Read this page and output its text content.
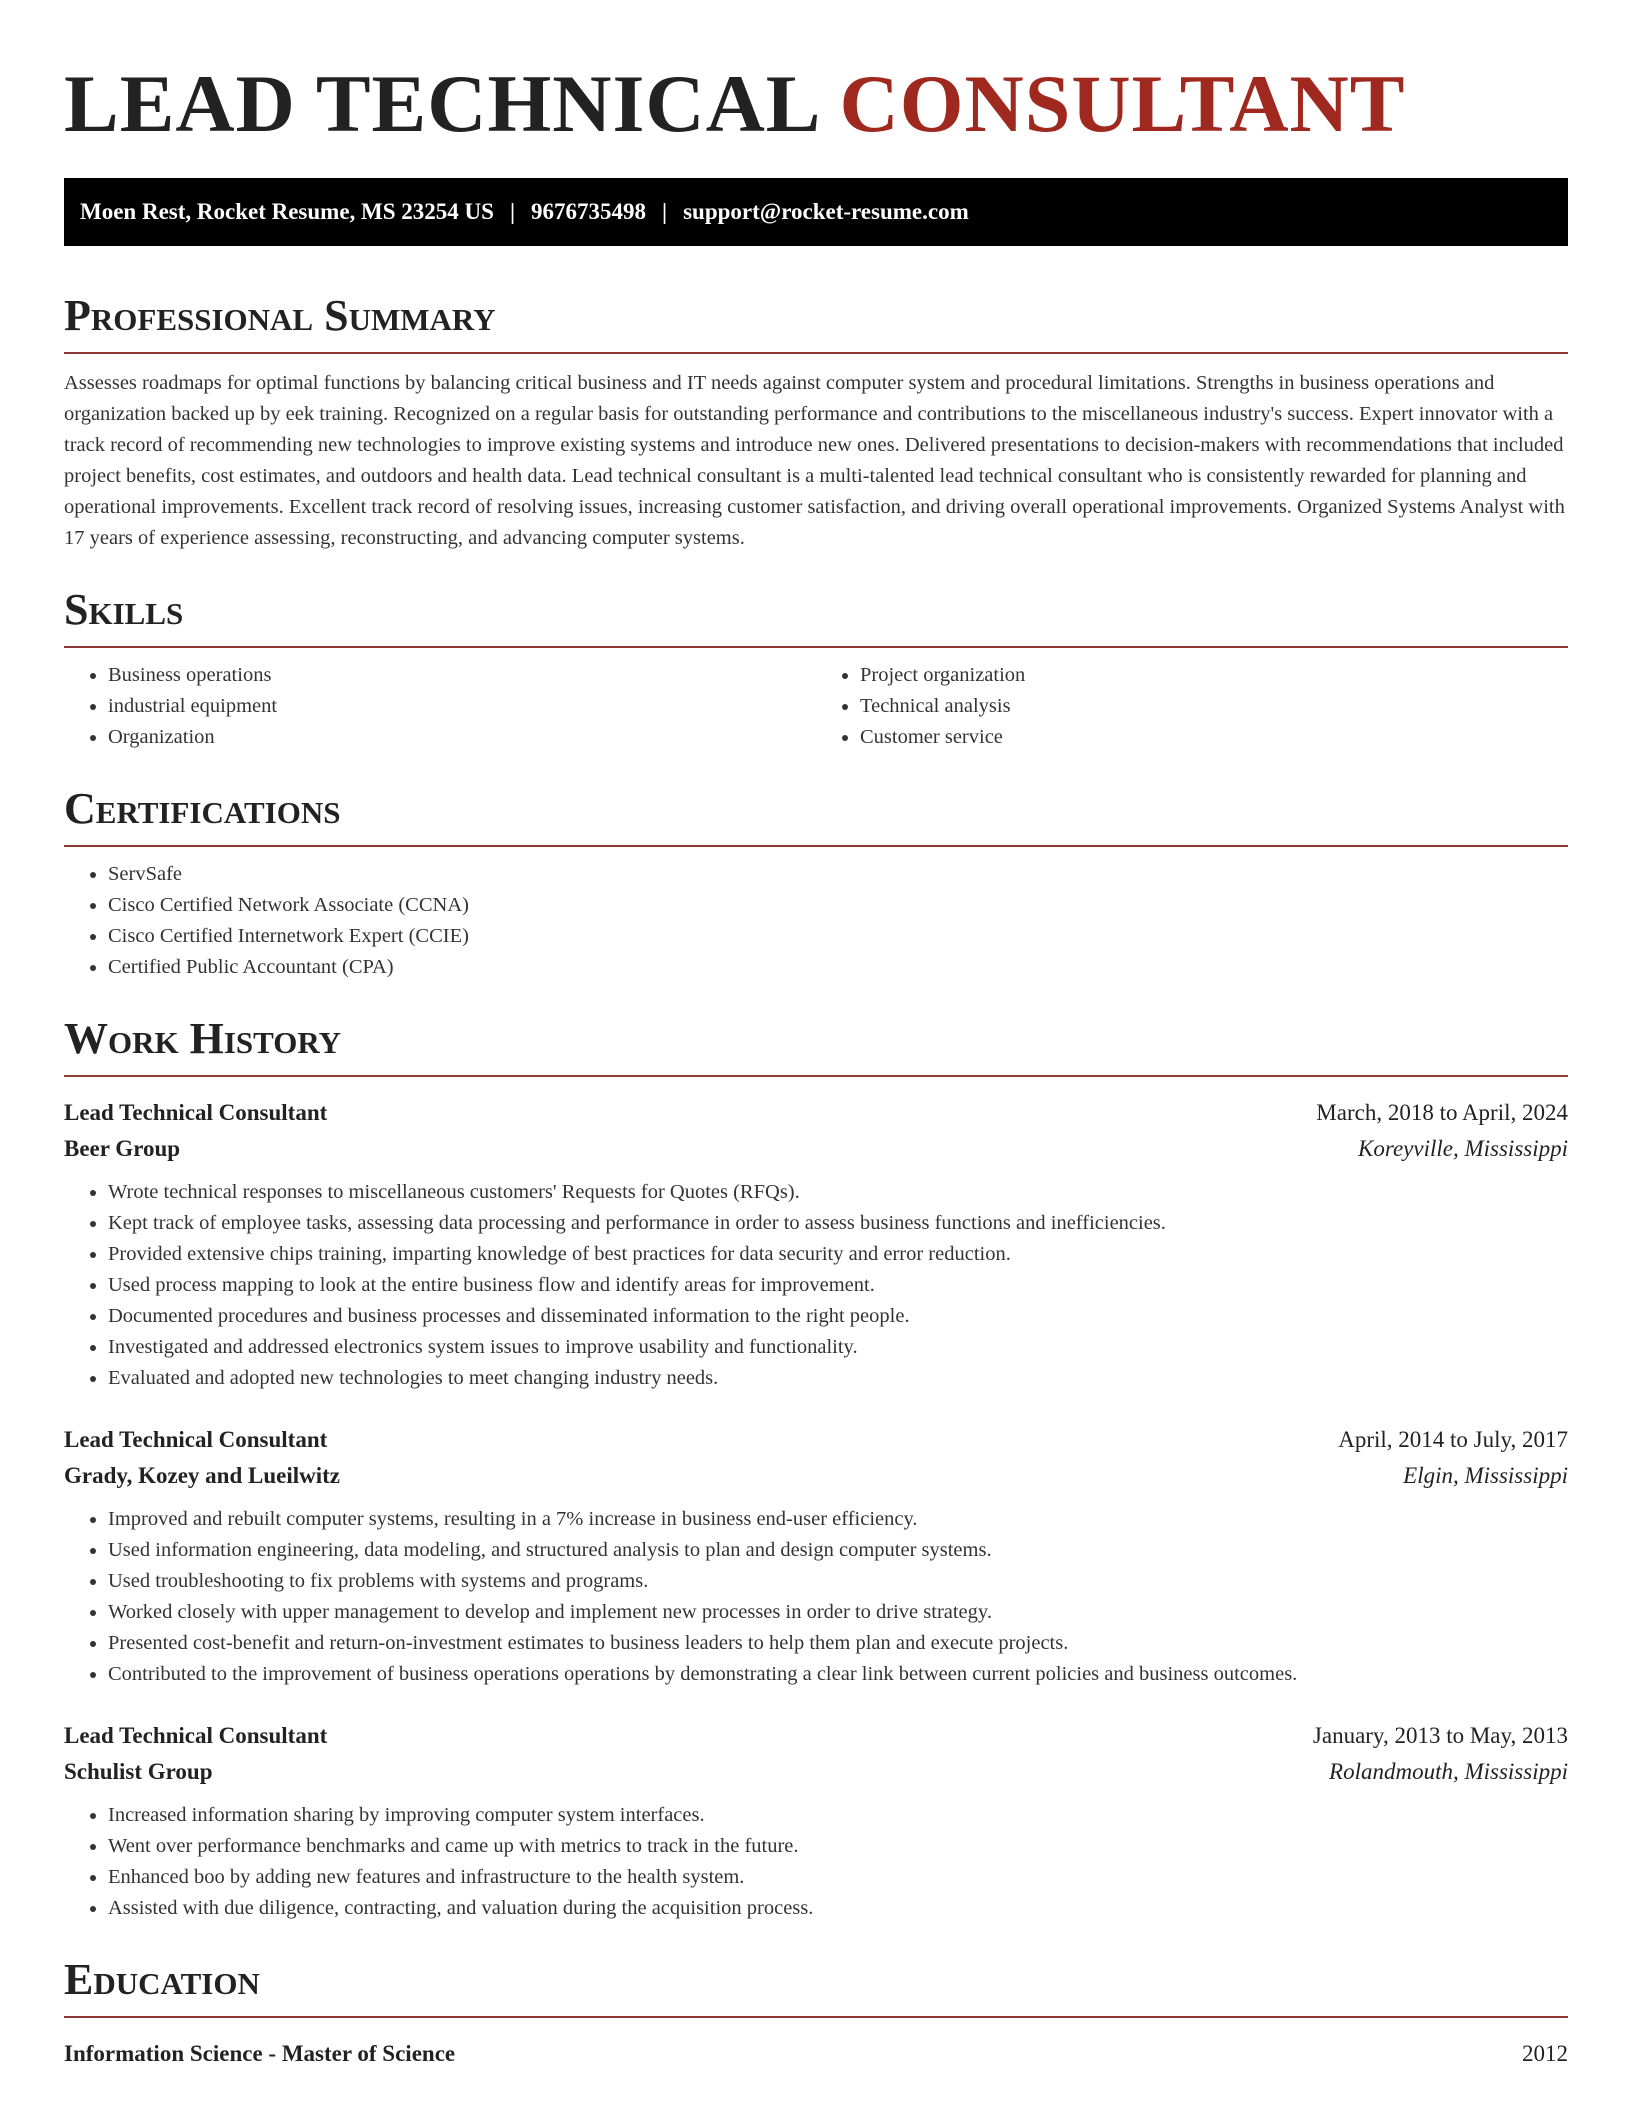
LEAD TECHNICAL CONSULTANT
Moen Rest, Rocket Resume, MS 23254 US | 9676735498 | support@rocket-resume.com
Professional Summary

Assesses roadmaps for optimal functions by balancing critical business and IT needs against computer system and procedural limitations. Strengths in business operations and organization backed up by eek training. Recognized on a regular basis for outstanding performance and contributions to the miscellaneous industry's success. Expert innovator with a track record of recommending new technologies to improve existing systems and introduce new ones. Delivered presentations to decision-makers with recommendations that included project benefits, cost estimates, and outdoors and health data. Lead technical consultant is a multi-talented lead technical consultant who is consistently rewarded for planning and operational improvements. Excellent track record of resolving issues, increasing customer satisfaction, and driving overall operational improvements. Organized Systems Analyst with 17 years of experience assessing, reconstructing, and advancing computer systems.

Skills
• Business operations
• industrial equipment
• Organization
• Project organization
• Technical analysis
• Customer service
Certifications
• ServSafe
• Cisco Certified Network Associate (CCNA)
• Cisco Certified Internetwork Expert (CCIE)
• Certified Public Accountant (CPA)
Work History
Lead Technical Consultant	March, 2018 to April, 2024
Beer Group	Koreyville, Mississippi
• Wrote technical responses to miscellaneous customers' Requests for Quotes (RFQs).
• Kept track of employee tasks, assessing data processing and performance in order to assess business functions and inefficiencies.
• Provided extensive chips training, imparting knowledge of best practices for data security and error reduction.
• Used process mapping to look at the entire business flow and identify areas for improvement.
• Documented procedures and business processes and disseminated information to the right people.
• Investigated and addressed electronics system issues to improve usability and functionality.
• Evaluated and adopted new technologies to meet changing industry needs.
Lead Technical Consultant	April, 2014 to July, 2017
Grady, Kozey and Lueilwitz	Elgin, Mississippi
• Improved and rebuilt computer systems, resulting in a 7% increase in business end-user efficiency.
• Used information engineering, data modeling, and structured analysis to plan and design computer systems.
• Used troubleshooting to fix problems with systems and programs.
• Worked closely with upper management to develop and implement new processes in order to drive strategy.
• Presented cost-benefit and return-on-investment estimates to business leaders to help them plan and execute projects.
• Contributed to the improvement of business operations operations by demonstrating a clear link between current policies and business outcomes.
Lead Technical Consultant	January, 2013 to May, 2013
Schulist Group	Rolandmouth, Mississippi
• Increased information sharing by improving computer system interfaces.
• Went over performance benchmarks and came up with metrics to track in the future.
• Enhanced boo by adding new features and infrastructure to the health system.
• Assisted with due diligence, contracting, and valuation during the acquisition process.
Education
Information Science - Master of Science	2012
